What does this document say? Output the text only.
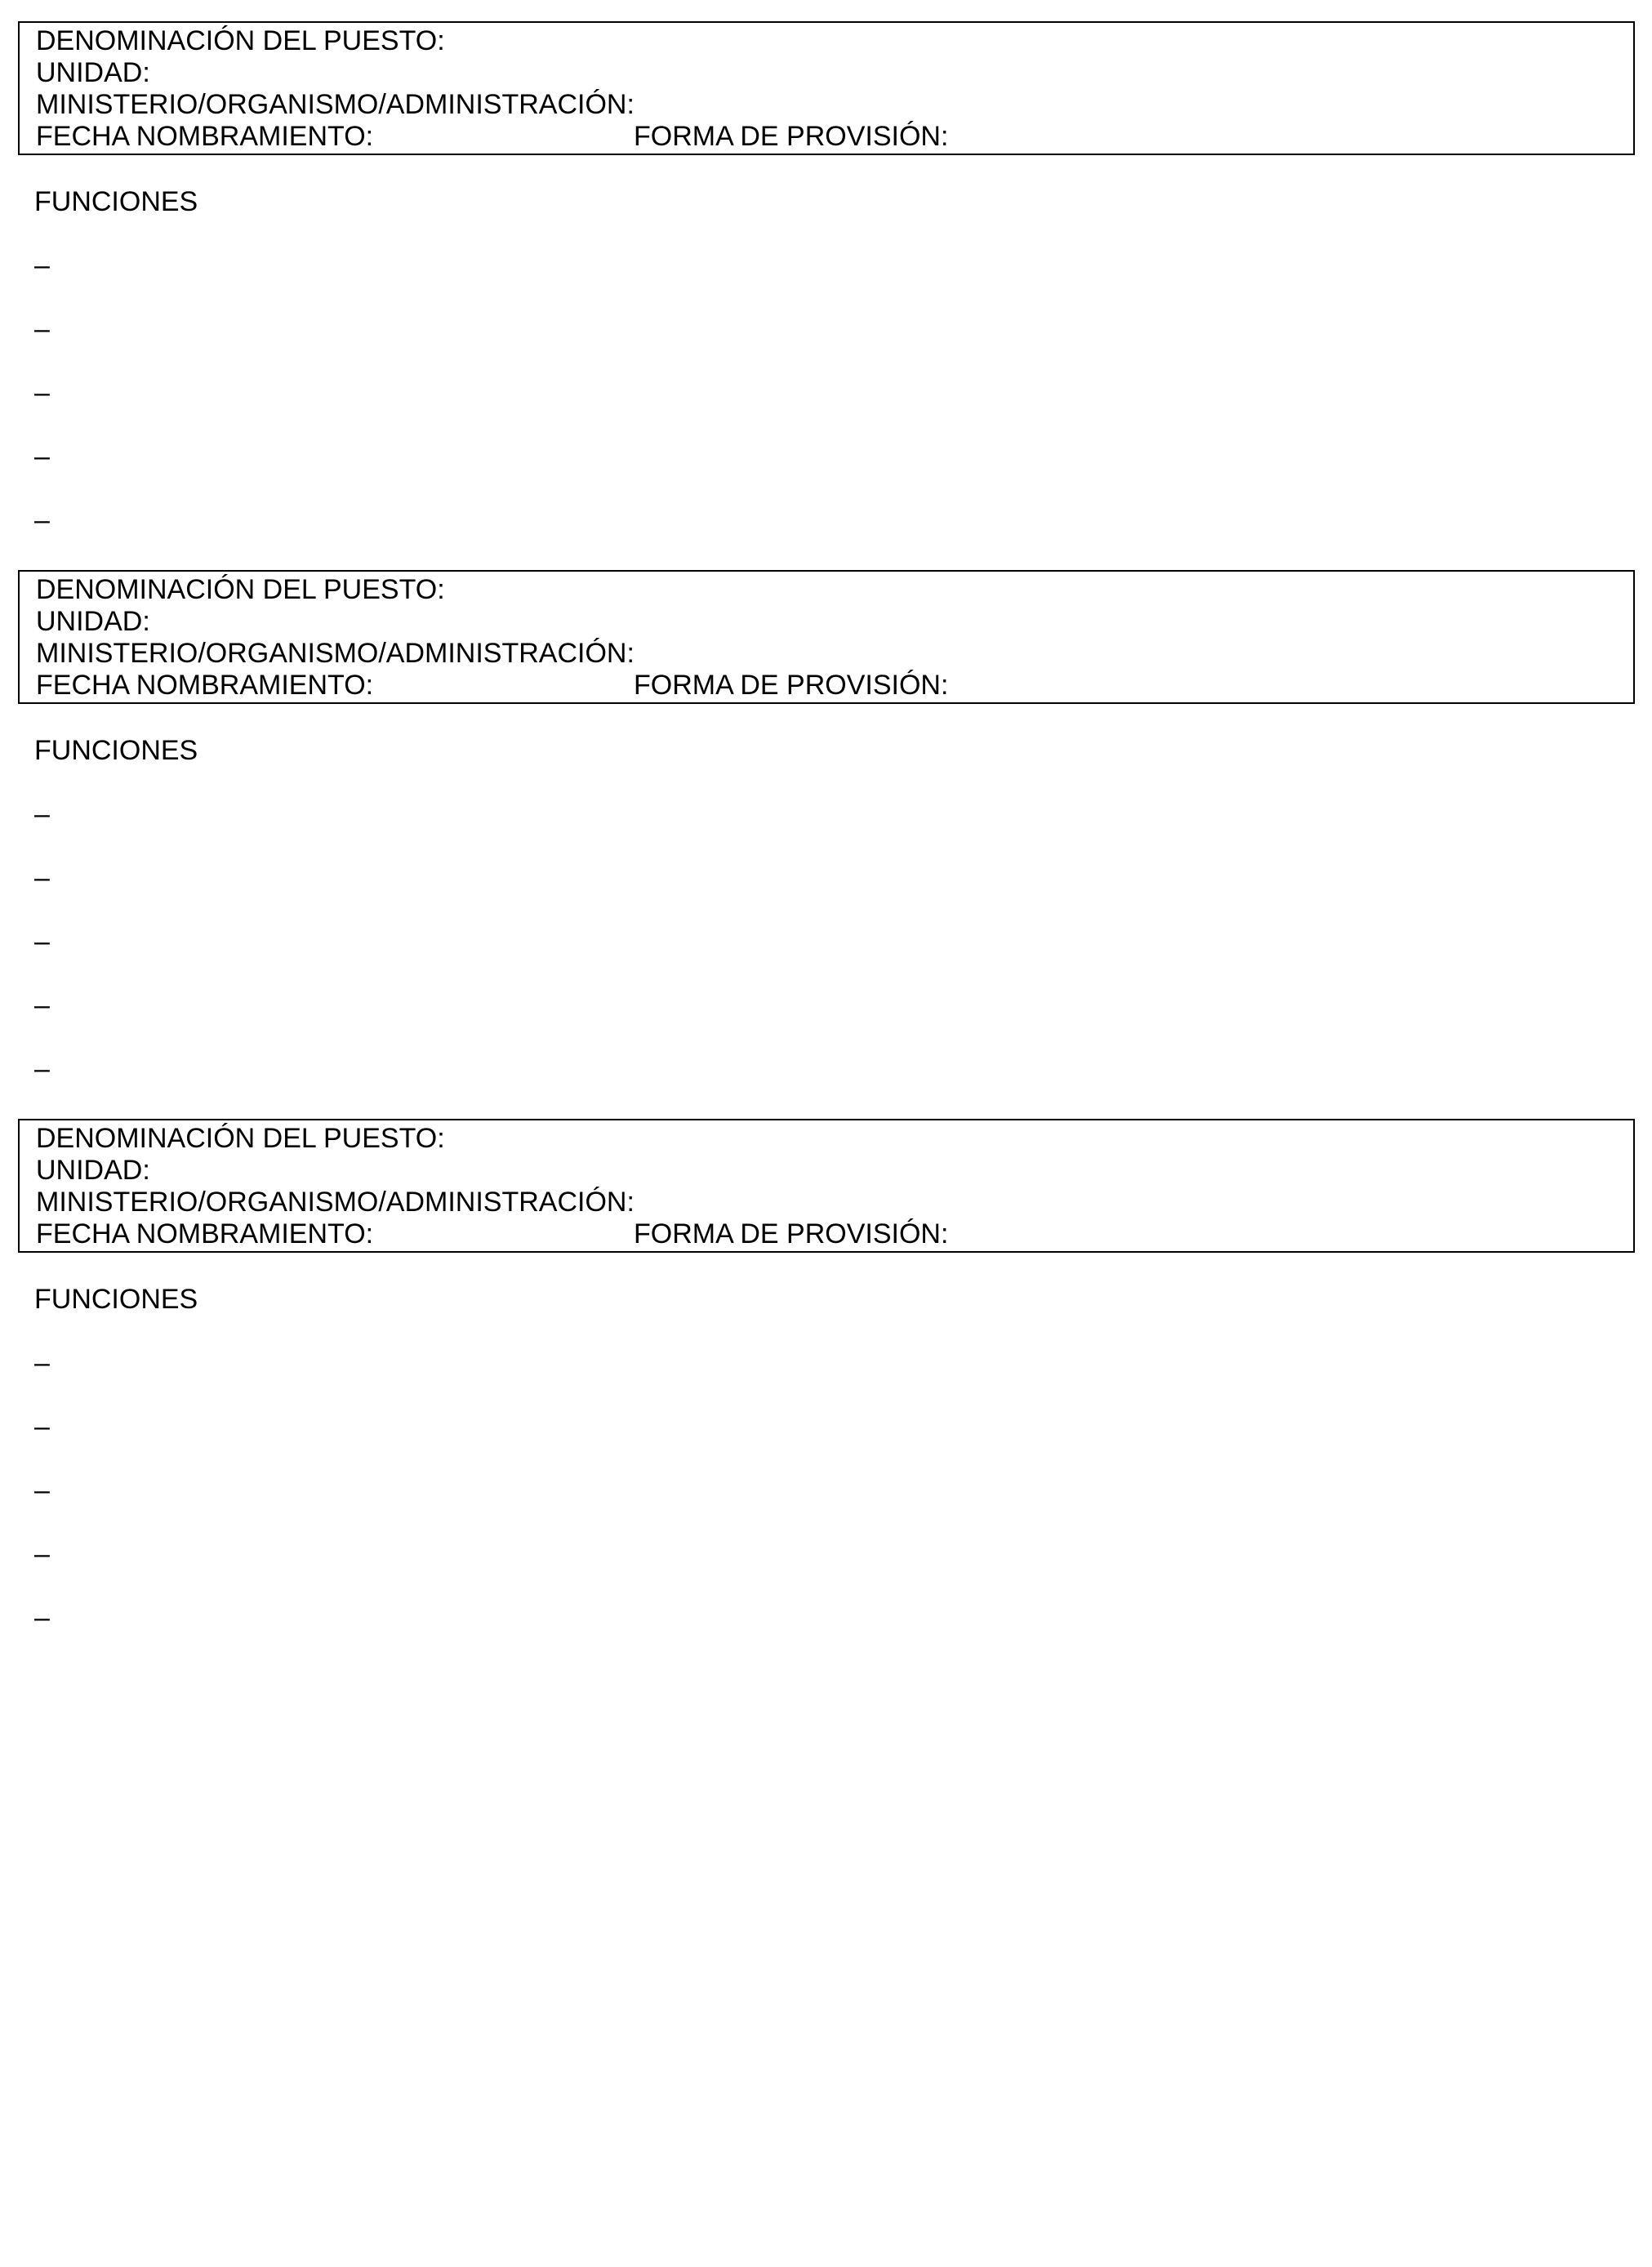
DENOMINACIÓN DEL PUESTO:
UNIDAD:
MINISTERIO/ORGANISMO/ADMINISTRACIÓN:
FECHA NOMBRAMIENTO:	FORMA DE PROVISIÓN:
FUNCIONES
–
–
–
–
–
DENOMINACIÓN DEL PUESTO:
UNIDAD:
MINISTERIO/ORGANISMO/ADMINISTRACIÓN:
FECHA NOMBRAMIENTO:	FORMA DE PROVISIÓN:
FUNCIONES
–
–
–
–
–
DENOMINACIÓN DEL PUESTO:
UNIDAD:
MINISTERIO/ORGANISMO/ADMINISTRACIÓN:
FECHA NOMBRAMIENTO:	FORMA DE PROVISIÓN:
FUNCIONES
–
–
–
–
–
